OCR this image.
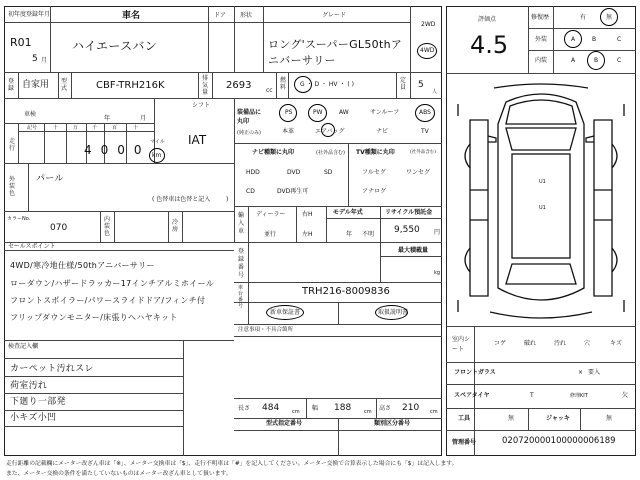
初年度登録年月	車名	ドア 形状	グレード
R01
5 月
ハイエースバン	ロング'スーパーGL50thアニバーサリー
2WD
4WD
登録 自家用 型式	CBF-TRH216K
排気量
2693 cc
燃料 G ・ D ・ HV ・ ( )
定員 5
人
車検
年	月
シフト
IAT
走行
記号	十	万	千	百	十
4000
マイル
km
外装色
パール
( 色替車は色替と記入	)
カラーNo.
070
内装色
冷房
セールスポイント
4WD/寒冷地仕様/50thアニバーサリー
ローダウン/ハザードラッカー17インチアルミホイール
フロントスポイラー/パワースライドドア/フィンチ付
フリップダウンモニター/床張りへハヤキット
検査記入欄
カーペット汚れスレ
荷室汚れ
下廻り一部発
小キズ小凹
装備品に丸印
(純正のみ)
PS	PW	AW	サンルーフ	ABS
本革	エアバッグ	ナビ	TV
ナビ種類に丸印	(社外品含む)
HDD	DVD	SD
CD	DVD再生可
TV種類に丸印	(社外品含む)
フルセグ	ワンセグ
アナログ
輸入車
ディーラー
並行
右H
左H
モデル年式
年 不明
リサイクル預託金
9,550 円
最大積載量
kg
登録番号
車台番号
TRH216-8009836
新車保証書	取扱説明書
注意事項・不具合箇所
長さ 484	cm 幅 188	cm 高さ 210 cm
型式指定番号	類別区分番号
評価点
4.5
修復歴	有	無
外装	A	B	C
内装	A	B	C
U1
U1
室内シート
コゲ	破れ	汚れ	穴	キズ
フロントガラス	× 要入
スペアタイヤ	T	修理KIT	欠
工具	無	ジャッキ	無
管理番号	020720000100000006189
走行距離の記載欄にメーター改ざん車は「※」、メーター交換車は「$」、走行不明車は「#」を記入してください。メーター交換で合算表示した場合にも「$」は記入します。
また、メーター交換の条件を満たしていないものはメーター改ざん車として扱います。
